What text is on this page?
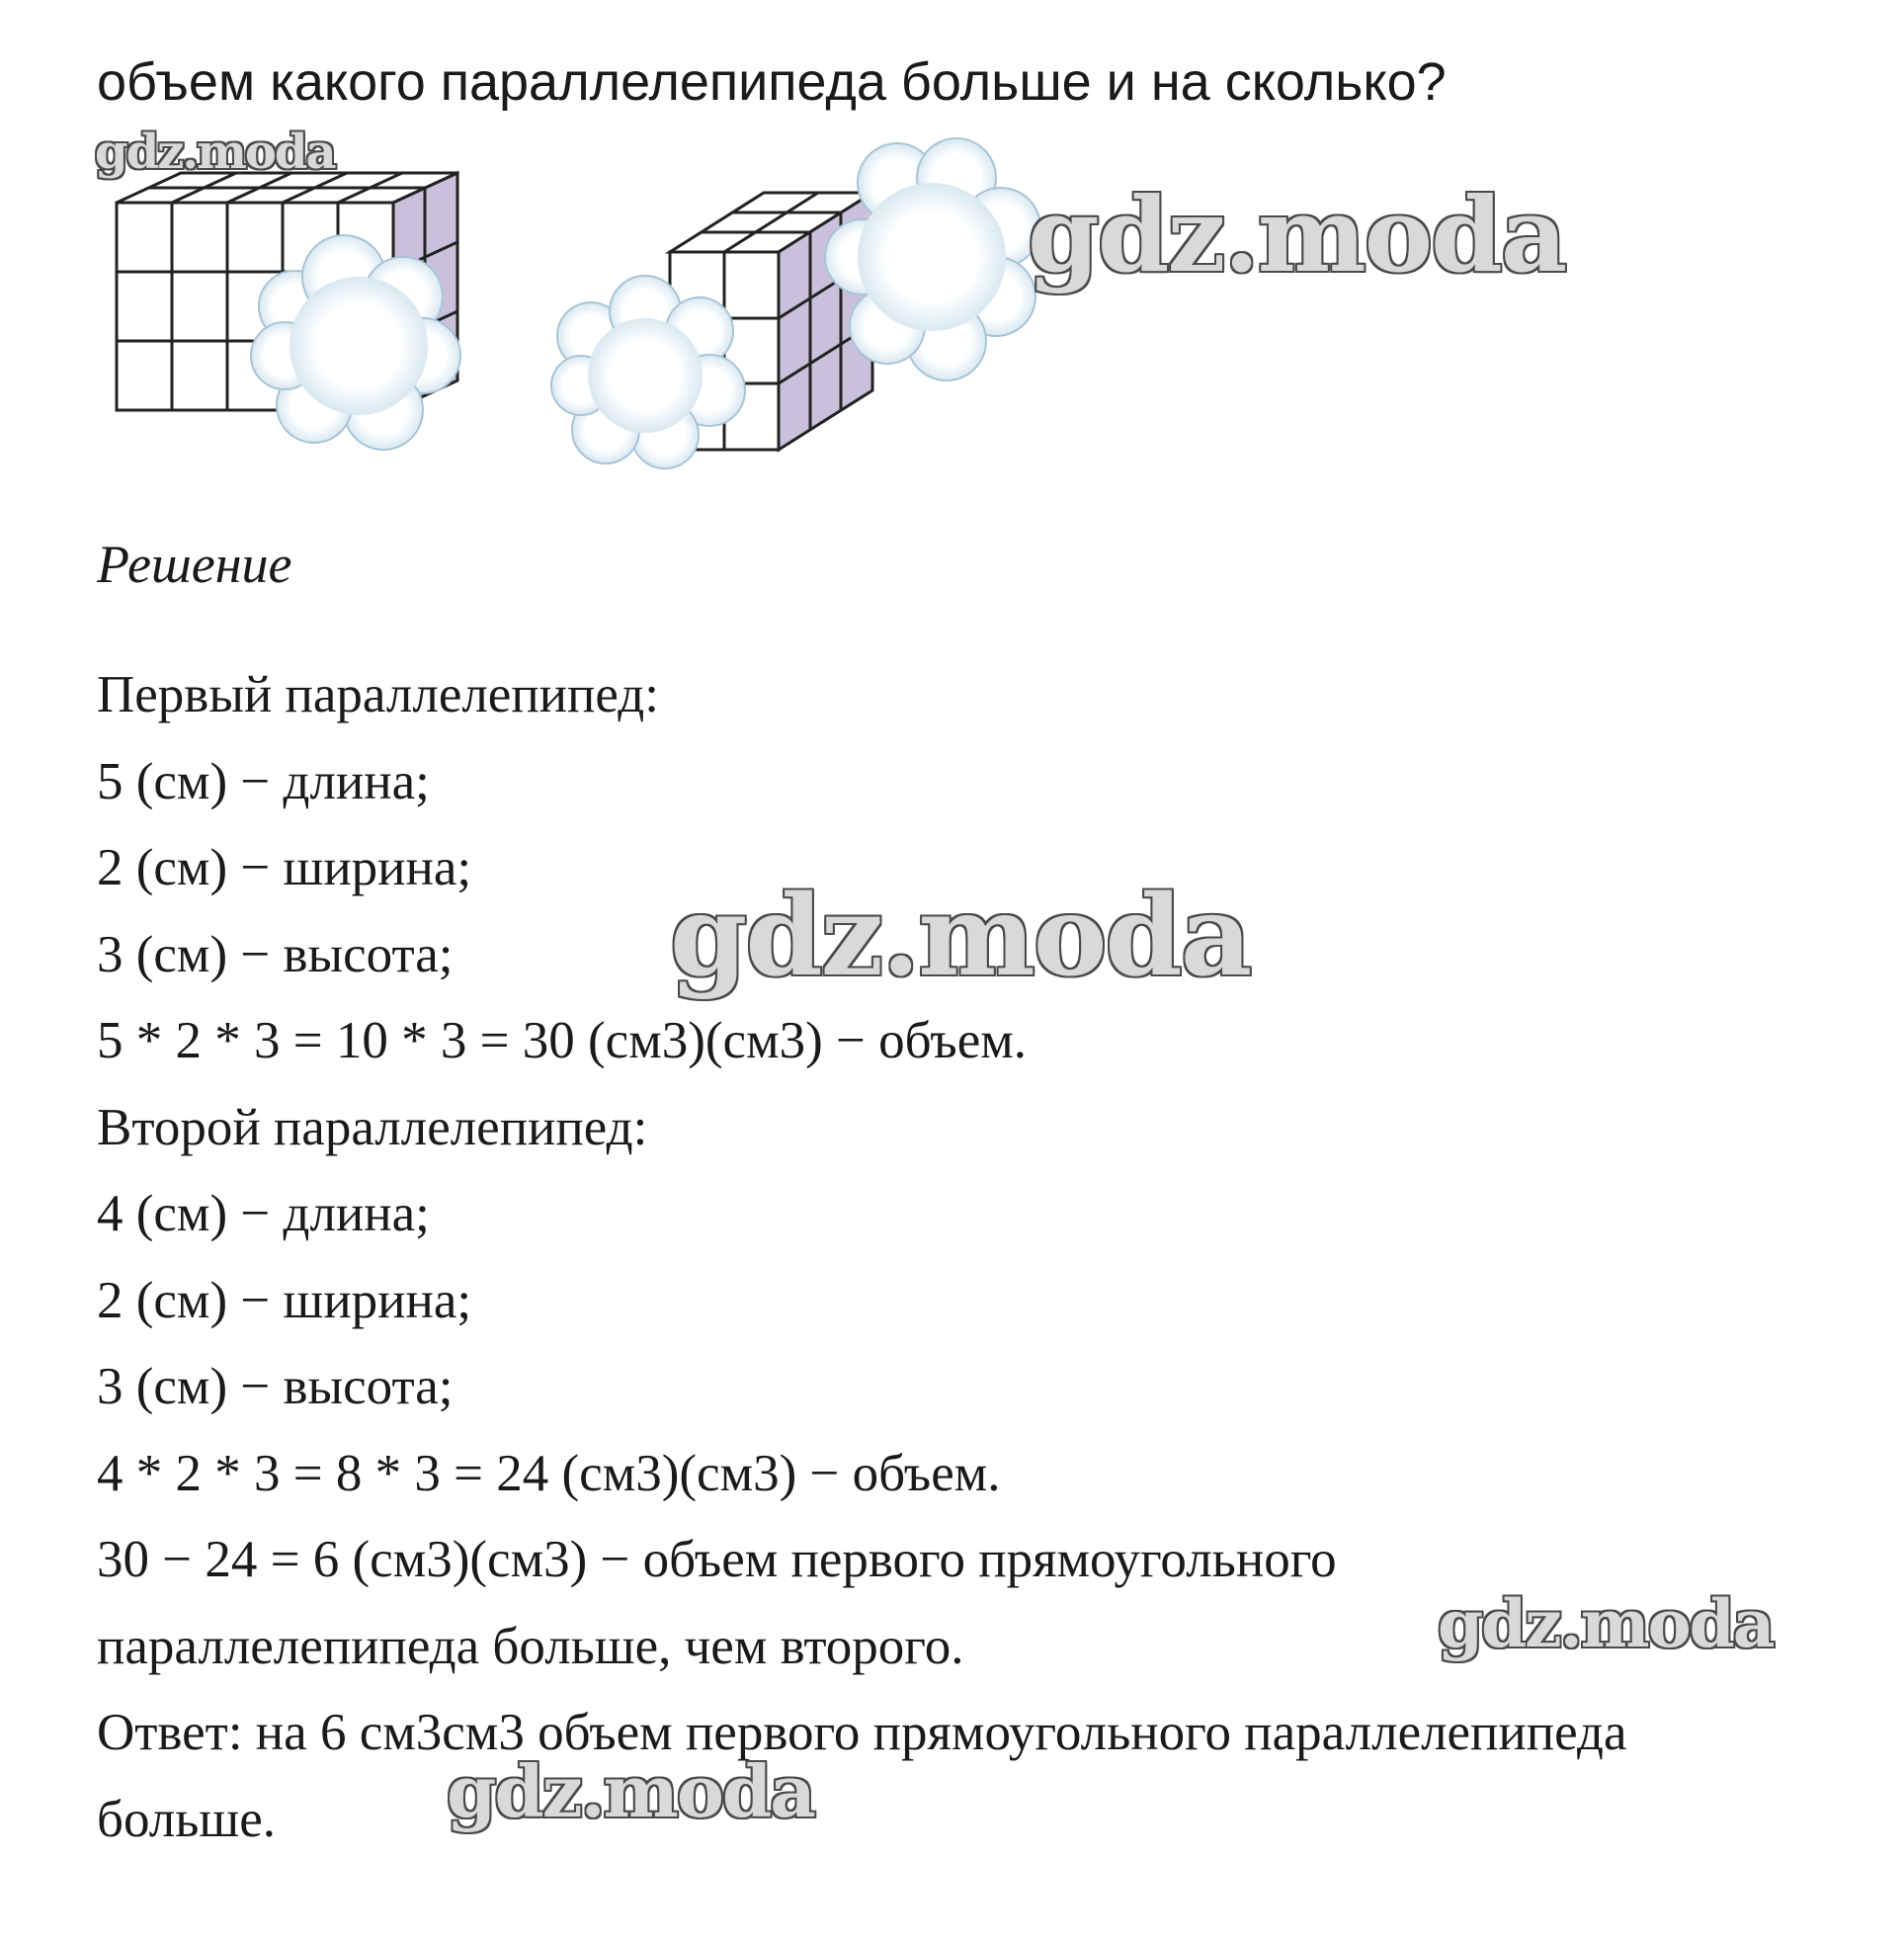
объем какого параллелепипеда больше и на сколько?
Решение
Первый параллелепипед:
5 (см) − длина;
2 (см) − ширина;
3 (см) − высота;
5 * 2 * 3 = 10 * 3 = 30 (см3)(см3) − объем.
Второй параллелепипед:
4 (см) − длина;
2 (см) − ширина;
3 (см) − высота;
4 * 2 * 3 = 8 * 3 = 24 (см3)(см3) − объем.
30 − 24 = 6 (см3)(см3) − объем первого прямоугольного
параллелепипеда больше, чем второго.
Ответ: на 6 см3см3 объем первого прямоугольного параллелепипеда
больше.
gdz.moda
gdz.moda
gdz.moda
gdz.moda
gdz.moda
